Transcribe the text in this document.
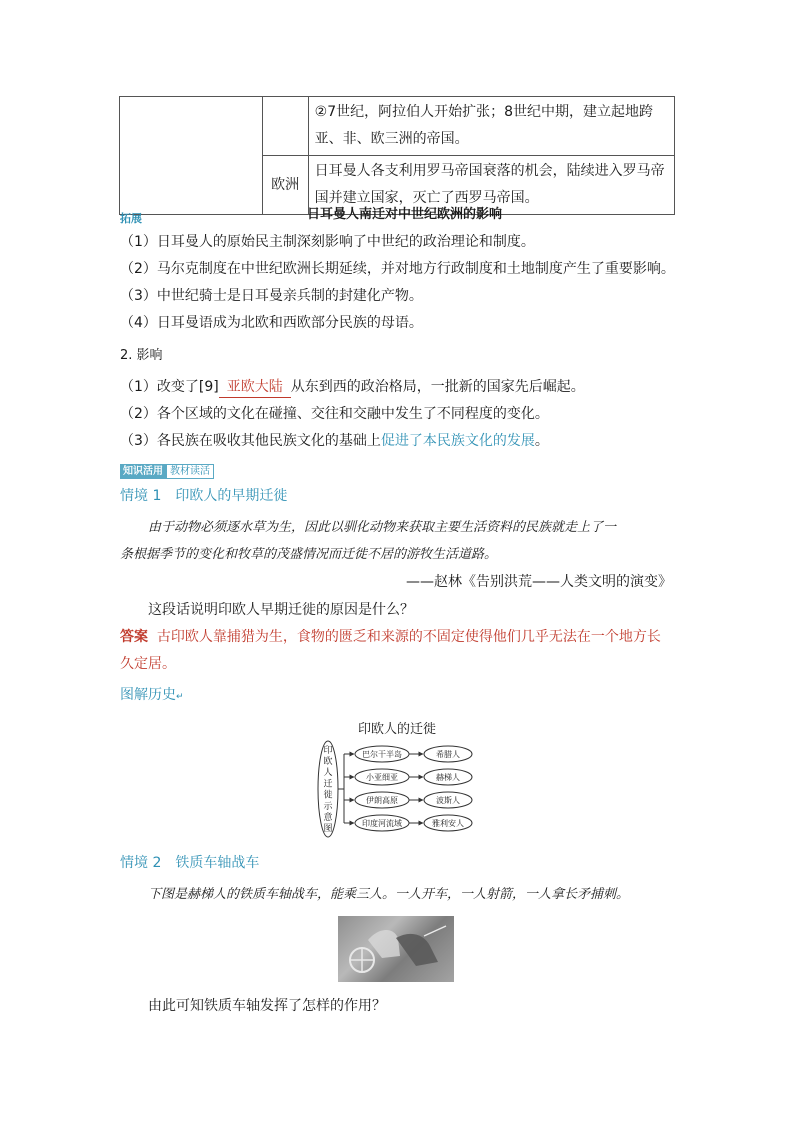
		②7世纪，阿拉伯人开始扩张；8世纪中期，建立起地跨
亚、非、欧三洲的帝国。

	欧洲	日耳曼人各支利用罗马帝国衰落的机会，陆续进入罗马帝
国并建立国家，灭亡了西罗马帝国。
拓展	日耳曼人南迁对中世纪欧洲的影响
（1）日耳曼人的原始民主制深刻影响了中世纪的政治理论和制度。
（2）马尔克制度在中世纪欧洲长期延续，并对地方行政制度和土地制度产生了重要影响。
（3）中世纪骑士是日耳曼亲兵制的封建化产物。
（4）日耳曼语成为北欧和西欧部分民族的母语。
2. 影响
（1）改变了[9] 亚欧大陆 从东到西的政治格局，一批新的国家先后崛起。
（2）各个区域的文化在碰撞、交往和交融中发生了不同程度的变化。
（3）各民族在吸收其他民族文化的基础上促进了本民族文化的发展。
知识活用 教材读活
情境 1　印欧人的早期迁徙
由于动物必须逐水草为生，因此以驯化动物来获取主要生活资料的民族就走上了一
条根据季节的变化和牧草的茂盛情况而迁徙不居的游牧生活道路。
——赵林《告别洪荒——人类文明的演变》
这段话说明印欧人早期迁徙的原因是什么？
答案 古印欧人靠捕猎为生，食物的匮乏和来源的不固定使得他们几乎无法在一个地方长
久定居。
图解历史↵
印欧人的迁徙
巴尔干半岛
小亚细亚
伊朗高原
印度河流域
希腊人
赫梯人
波斯人
雅利安人
印
欧
人
迁
徙
示
意
图
情境 2　铁质车轴战车
下图是赫梯人的铁质车轴战车，能乘三人。一人开车，一人射箭，一人拿长矛捕刺。
由此可知铁质车轴发挥了怎样的作用？
